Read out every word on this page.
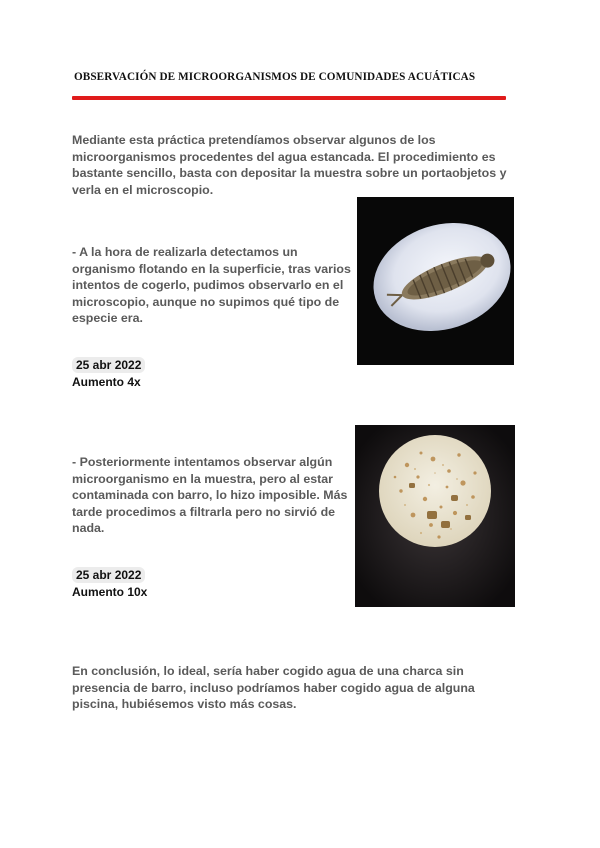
OBSERVACIÓN DE MICROORGANISMOS DE COMUNIDADES ACUÁTICAS
Mediante esta práctica pretendíamos observar algunos de los microorganismos procedentes del agua estancada. El procedimiento es bastante sencillo, basta con depositar la muestra sobre un portaobjetos y verla en el microscopio.
- A la hora de realizarla detectamos un organismo flotando en la superficie, tras varios intentos de cogerlo, pudimos observarlo en el microscopio, aunque no supimos qué tipo de especie era.
25 abr 2022
Aumento 4x
- Posteriormente intentamos observar algún microorganismo en la muestra, pero al estar contaminada con barro, lo hizo imposible. Más tarde procedimos a filtrarla pero no sirvió de nada.
25 abr 2022
Aumento 10x
En conclusión, lo ideal, sería haber cogido agua de una charca sin presencia de barro, incluso podríamos haber cogido agua de alguna piscina, hubiésemos visto más cosas.
